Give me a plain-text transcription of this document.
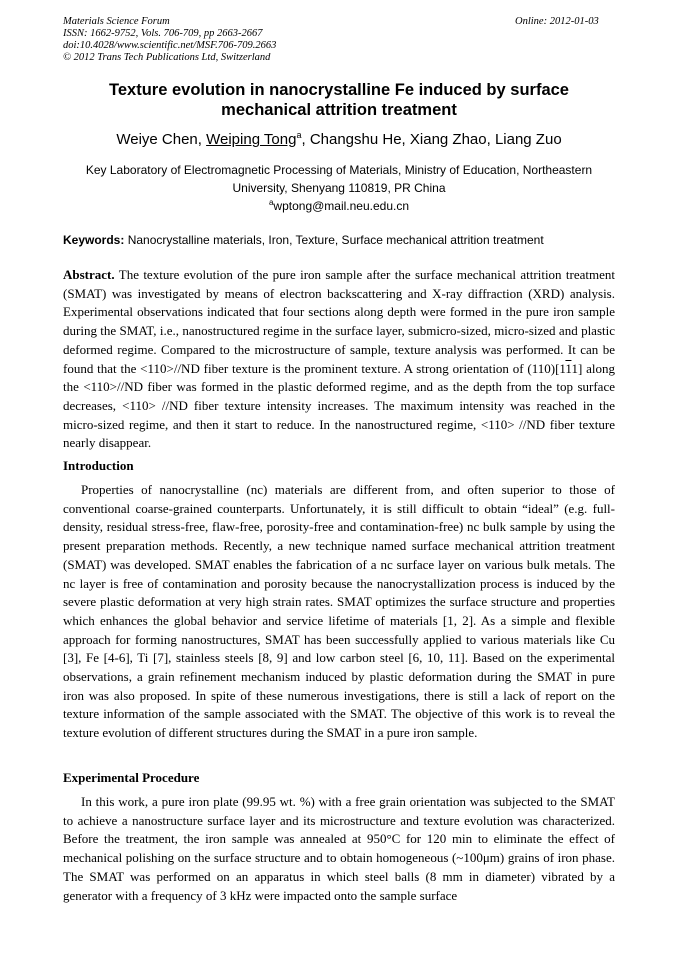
Materials Science Forum
ISSN: 1662-9752, Vols. 706-709, pp 2663-2667
doi:10.4028/www.scientific.net/MSF.706-709.2663
© 2012 Trans Tech Publications Ltd, Switzerland
Online: 2012-01-03
Texture evolution in nanocrystalline Fe induced by surface mechanical attrition treatment
Weiye Chen, Weiping Tong$^a$, Changshu He, Xiang Zhao, Liang Zuo
Key Laboratory of Electromagnetic Processing of Materials, Ministry of Education, Northeastern University, Shenyang 110819, PR China
$^a$wptong@mail.neu.edu.cn
Keywords: Nanocrystalline materials, Iron, Texture, Surface mechanical attrition treatment
Abstract. The texture evolution of the pure iron sample after the surface mechanical attrition treatment (SMAT) was investigated by means of electron backscattering and X-ray diffraction (XRD) analysis. Experimental observations indicated that four sections along depth were formed in the pure iron sample during the SMAT, i.e., nanostructured regime in the surface layer, submicro-sized, micro-sized and plastic deformed regime. Compared to the microstructure of sample, texture analysis was performed. It can be found that the <110>//ND fiber texture is the prominent texture. A strong orientation of (110)[111] along the <110>//ND fiber was formed in the plastic deformed regime, and as the depth from the top surface decreases, <110> //ND fiber texture intensity increases. The maximum intensity was reached in the micro-sized regime, and then it start to reduce. In the nanostructured regime, <110> //ND fiber texture nearly disappear.
Introduction
Properties of nanocrystalline (nc) materials are different from, and often superior to those of conventional coarse-grained counterparts. Unfortunately, it is still difficult to obtain “ideal” (e.g. full-density, residual stress-free, flaw-free, porosity-free and contamination-free) nc bulk sample by using the present preparation methods. Recently, a new technique named surface mechanical attrition treatment (SMAT) was developed. SMAT enables the fabrication of a nc surface layer on various bulk metals. The nc layer is free of contamination and porosity because the nanocrystallization process is induced by the severe plastic deformation at very high strain rates. SMAT optimizes the surface structure and properties which enhances the global behavior and service lifetime of materials [1, 2]. As a simple and flexible approach for forming nanostructures, SMAT has been successfully applied to various materials like Cu [3], Fe [4-6], Ti [7], stainless steels [8, 9] and low carbon steel [6, 10, 11]. Based on the experimental observations, a grain refinement mechanism induced by plastic deformation during the SMAT in pure iron was also proposed. In spite of these numerous investigations, there is still a lack of report on the texture information of the sample associated with the SMAT. The objective of this work is to reveal the texture evolution of different structures during the SMAT in a pure iron sample.
Experimental Procedure
In this work, a pure iron plate (99.95 wt. %) with a free grain orientation was subjected to the SMAT to achieve a nanostructure surface layer and its microstructure and texture evolution was characterized. Before the treatment, the iron sample was annealed at 950°C for 120 min to eliminate the effect of mechanical polishing on the surface structure and to obtain homogeneous (~100μm) grains of iron phase. The SMAT was performed on an apparatus in which steel balls (8 mm in diameter) vibrated by a generator with a frequency of 3 kHz were impacted onto the sample surface
